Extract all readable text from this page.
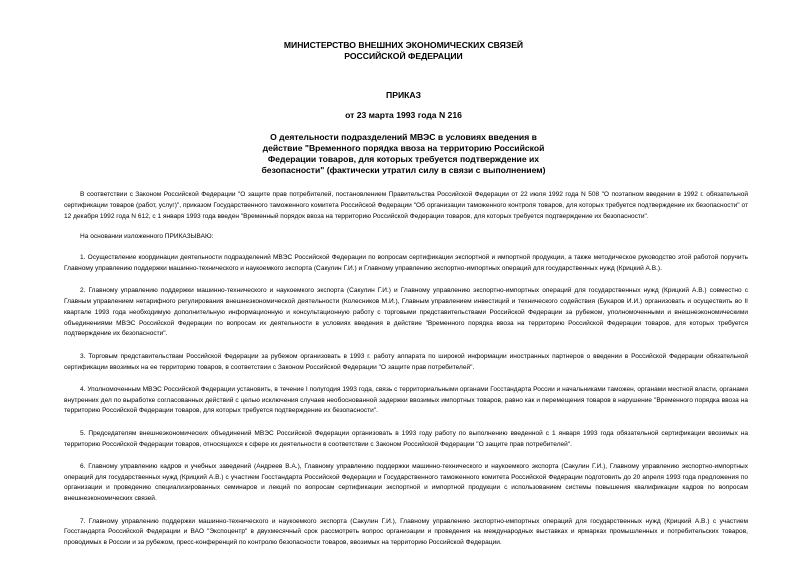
МИНИСТЕРСТВО ВНЕШНИХ ЭКОНОМИЧЕСКИХ СВЯЗЕЙ
РОССИЙСКОЙ ФЕДЕРАЦИИ
ПРИКАЗ
от 23 марта 1993 года N 216
О деятельности подразделений МВЭС в условиях введения в
действие "Временного порядка ввоза на территорию Российской
Федерации товаров, для которых требуется подтверждение их
безопасности" (фактически утратил силу в связи с выполнением)

В соответствии с Законом Российской Федерации "О защите прав потребителей, постановлением Правительства Российской Федерации от 22 июля 1992 года N 508 "О поэтапном введении в 1992 г. обязательной сертификации товаров (работ, услуг)", приказом Государственного таможенного комитета Российской Федерации "Об организации таможенного контроля товаров, для которых требуется подтверждение их безопасности" от 12 декабря 1992 года N 612, с 1 января 1993 года введен "Временный порядок ввоза на территорию Российской Федерации товаров, для которых требуется подтверждение их безопасности".

На основании изложенного ПРИКАЗЫВАЮ:

1. Осуществление координации деятельности подразделений МВЭС Российской Федерации по вопросам сертификации экспортной и импортной продукции, а также методическое руководство этой работой поручить Главному управлению поддержки машинно-технического и наукоемкого экспорта (Сакулин Г.И.) и Главному управлению экспортно-импортных операций для государственных нужд (Крицкий А.В.).

2. Главному управлению поддержки машинно-технического и наукоемкого экспорта (Сакулин Г.И.) и Главному управлению экспортно-импортных операций для государственных нужд (Крицкий А.В.) совместно с Главным управлением нетарифного регулирования внешнеэкономической деятельности (Колесников М.И.), Главным управлением инвестиций и технического содействия (Букаров И.И.) организовать и осуществить во II квартале 1993 года необходимую дополнительную информационную и консультационную работу с торговыми представительствами Российской Федерации за рубежом, уполномоченными и внешнеэкономическими объединениями МВЭС Российской Федерации по вопросам их деятельности в условиях введения в действие "Временного порядка ввоза на территорию Российской Федерации товаров, для которых требуется подтверждение их безопасности".

3. Торговым представительствам Российской Федерации за рубежом организовать в 1993 г. работу аппарата по широкой информации иностранных партнеров о введении в Российской Федерации обязательной сертификации ввозимых на ее территорию товаров, в соответствии с Законом Российской Федерации "О защите прав потребителей".

4. Уполномоченным МВЭС Российской Федерации установить, в течение I полугодия 1993 года, связь с территориальными органами Госстандарта России и начальниками таможен, органами местной власти, органами внутренних дел по выработке согласованных действий с целью исключения случаев необоснованной задержки ввозимых импортных товаров, равно как и перемещения товаров в нарушение "Временного порядка ввоза на территорию Российской Федерации товаров, для которых требуется подтверждение их безопасности".

5. Председателям внешнеэкономических объединений МВЭС Российской Федерации организовать в 1993 году работу по выполнению введенной с 1 января 1993 года обязательной сертификации ввозимых на территорию Российской Федерации товаров, относящихся к сфере их деятельности в соответствии с Законом Российской Федерации "О защите прав потребителей".

6. Главному управлению кадров и учебных заведений (Андреев В.А.), Главному управлению поддержки машинно-технического и наукоемкого экспорта (Сакулин Г.И.), Главному управлению экспортно-импортных операций для государственных нужд (Крицкий А.В.) с участием Госстандарта Российской Федерации и Государственного таможенного комитета Российской Федерации подготовить до 20 апреля 1993 года предложения по организации и проведению специализированных семинаров и лекций по вопросам сертификации экспортной и импортной продукции с использованием системы повышения квалификации кадров по вопросам внешнеэкономических связей.

7. Главному управлению поддержки машинно-технического и наукоемкого экспорта (Сакулин Г.И.), Главному управлению экспортно-импортных операций для государственных нужд (Крицкий А.В.) с участием Госстандарта Российской Федерации и ВАО "Экспоцентр" в двухмесячный срок рассмотреть вопрос организации и проведения на международных выставках и ярмарках промышленных и потребительских товаров, проводимых в России и за рубежом, пресс-конференций по контролю безопасности товаров, ввозимых на территорию Российской Федерации.
